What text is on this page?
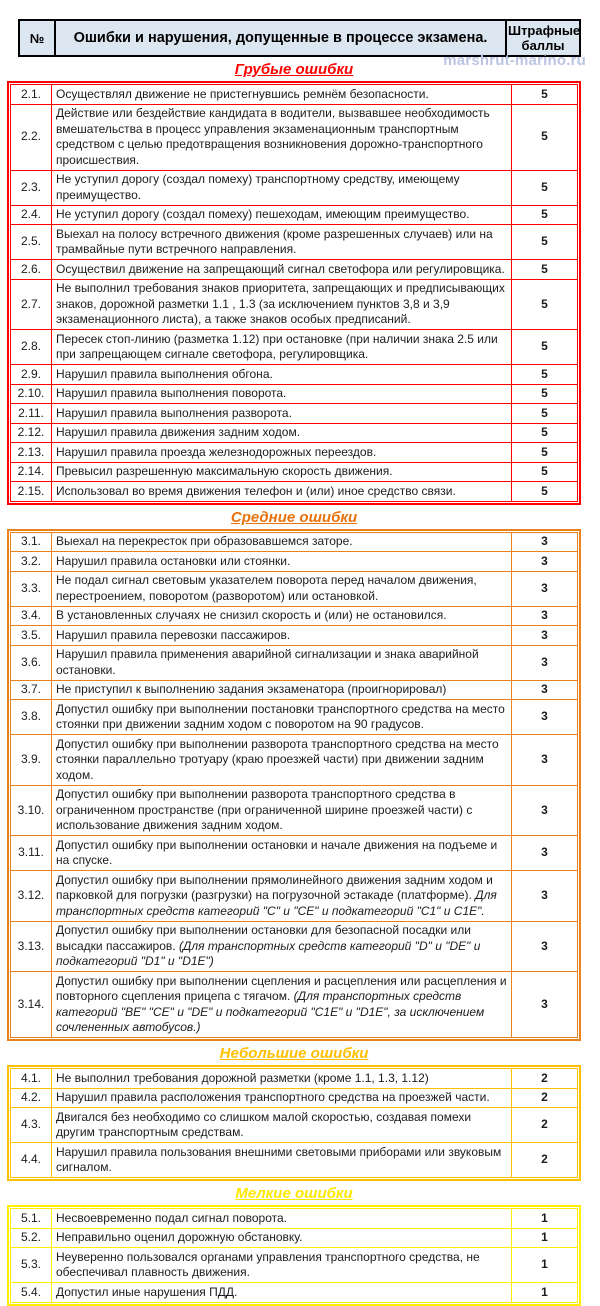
№	Ошибки и нарушения, допущенные в процессе экзамена.	Штрафные баллы
marshrut-marino.ru
Грубые ошибки
2.1.	Осуществлял движение не пристегнувшись ремнём безопасности.	5
2.2.	Действие или бездействие кандидата в водители, вызвавшее необходимость вмешательства в процесс управления экзаменационным транспортным средством с целью предотвращения возникновения дорожно-транспортного происшествия.	5
2.3.	Не уступил дорогу (создал помеху) транспортному средству, имеющему преимущество.	5
2.4.	Не уступил дорогу (создал помеху) пешеходам, имеющим преимущество.	5
2.5.	Выехал на полосу встречного движения (кроме разрешенных случаев) или на трамвайные пути встречного направления.	5
2.6.	Осуществил движение на запрещающий сигнал светофора или регулировщика.	5
2.7.	Не выполнил требования знаков приоритета, запрещающих и предписывающих знаков, дорожной разметки 1.1 , 1.3 (за исключением пунктов 3,8 и 3,9 экзаменационного листа), а также знаков особых предписаний.	5
2.8.	Пересек стоп-линию (разметка 1.12) при остановке (при наличии знака 2.5 или при запрещающем сигнале светофора, регулировщика.	5
2.9.	Нарушил правила выполнения обгона.	5
2.10.	Нарушил правила выполнения поворота.	5
2.11.	Нарушил правила выполнения разворота.	5
2.12.	Нарушил правила движения задним ходом.	5
2.13.	Нарушил правила проезда железнодорожных переездов.	5
2.14.	Превысил разрешенную максимальную скорость движения.	5
2.15.	Использовал во время движения телефон и (или) иное средство связи.	5
Средние ошибки
3.1.	Выехал на перекресток при образовавшемся заторе.	3
3.2.	Нарушил правила остановки или стоянки.	3
3.3.	Не подал сигнал световым указателем поворота перед началом движения, перестроением, поворотом (разворотом) или остановкой.	3
3.4.	В установленных случаях не снизил скорость и (или) не остановился.	3
3.5.	Нарушил правила перевозки пассажиров.	3
3.6.	Нарушил правила применения аварийной сигнализации и знака аварийной остановки.	3
3.7.	Не приступил к выполнению задания экзаменатора (проигнорировал)	3
3.8.	Допустил ошибку при выполнении постановки транспортного средства на место стоянки при движении задним ходом с поворотом на 90 градусов.	3
3.9.	Допустил ошибку при выполнении разворота транспортного средства на место стоянки параллельно тротуару (краю проезжей части) при движении задним ходом.	3
3.10.	Допустил ошибку при выполнении разворота транспортного средства в ограниченном пространстве (при ограниченной ширине проезжей части) с использование движения задним ходом.	3
3.11.	Допустил ошибку при выполнении остановки и начале движения на подъеме и на спуске.	3
3.12.	Допустил ошибку при выполнении прямолинейного движения задним ходом и парковкой для погрузки (разгрузки) на погрузочной эстакаде (платформе). Для транспортных средств категорий "C" и "CE" и подкатегорий "C1" и C1E".	3
3.13.	Допустил ошибку при выполнении остановки для безопасной посадки или высадки пассажиров. (Для транспортных средств категорий "D" и "DE" и подкатегорий "D1" и "D1E")	3
3.14.	Допустил ошибку при выполнении сцепления и расцепления или расцепления и повторного сцепления прицепа с тягачом. (Для транспортных средств категорий "BE" "CE" и "DE" и подкатегорий "C1E" и "D1E", за исключением сочлененных автобусов.)	3
Небольшие ошибки
4.1.	Не выполнил требования дорожной разметки (кроме 1.1, 1.3, 1.12)	2
4.2.	Нарушил правила расположения транспортного средства на проезжей части.	2
4.3.	Двигался без необходимо со слишком малой скоростью, создавая помехи другим транспортным средствам.	2
4.4.	Нарушил правила пользования внешними световыми приборами или звуковым сигналом.	2
Мелкие ошибки
5.1.	Несвоевременно подал сигнал поворота.	1
5.2.	Неправильно оценил дорожную обстановку.	1
5.3.	Неуверенно пользовался органами управления транспортного средства, не обеспечивал плавность движения.	1
5.4.	Допустил иные нарушения ПДД.	1
